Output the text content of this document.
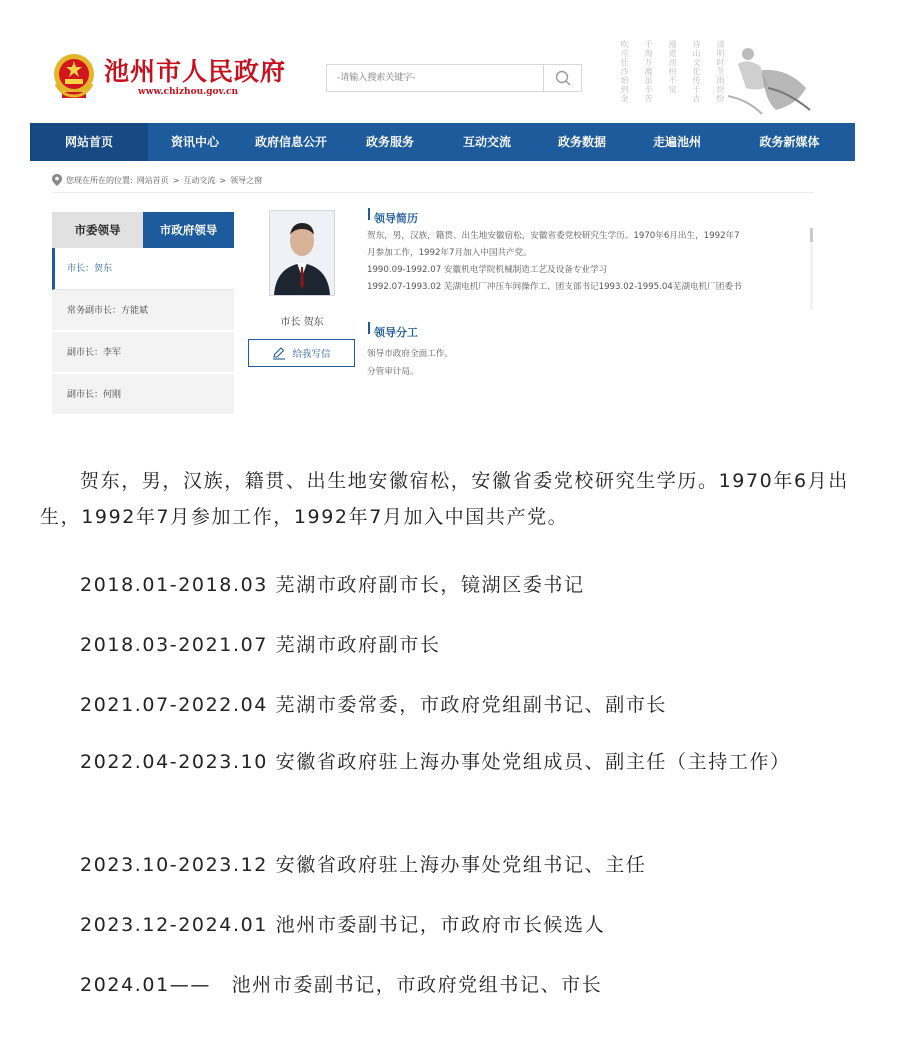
池州市人民政府
www.chizhou.gov.cn
-请输入搜索关键字-
吹尽狂沙始到金
千淘万漉虽辛苦
漫道池州不觉
诗山文化传千古
清明时节雨纷纷
网站首页	资讯中心	政府信息公开	政务服务	互动交流	政务数据	走遍池州	政务新媒体
您现在所在的位置: 网站首页 > 互动交流 > 领导之窗
市委领导	市政府领导
市长：贺东
常务副市长：方能斌
副市长：李军
副市长：何刚
市长 贺东
给我写信
领导简历
贺东，男，汉族，籍贯、出生地安徽宿松，安徽省委党校研究生学历。1970年6月出生，1992年7
月参加工作，1992年7月加入中国共产党。
1990.09-1992.07 安徽机电学院机械制造工艺及设备专业学习
1992.07-1993.02 芜湖电机厂冲压车间操作工、团支部书记1993.02-1995.04芜湖电机厂团委书
领导分工
领导市政府全面工作。
分管审计局。

贺东，男，汉族，籍贯、出生地安徽宿松，安徽省委党校研究生学历。1970年6月出生，1992年7月参加工作，1992年7月加入中国共产党。

2018.01-2018.03 芜湖市政府副市长，镜湖区委书记
2018.03-2021.07 芜湖市政府副市长
2021.07-2022.04 芜湖市委常委，市政府党组副书记、副市长

2022.04-2023.10 安徽省政府驻上海办事处党组成员、副主任（主持工作）

2023.10-2023.12 安徽省政府驻上海办事处党组书记、主任
2023.12-2024.01 池州市委副书记，市政府市长候选人
2024.01——　池州市委副书记，市政府党组书记、市长
